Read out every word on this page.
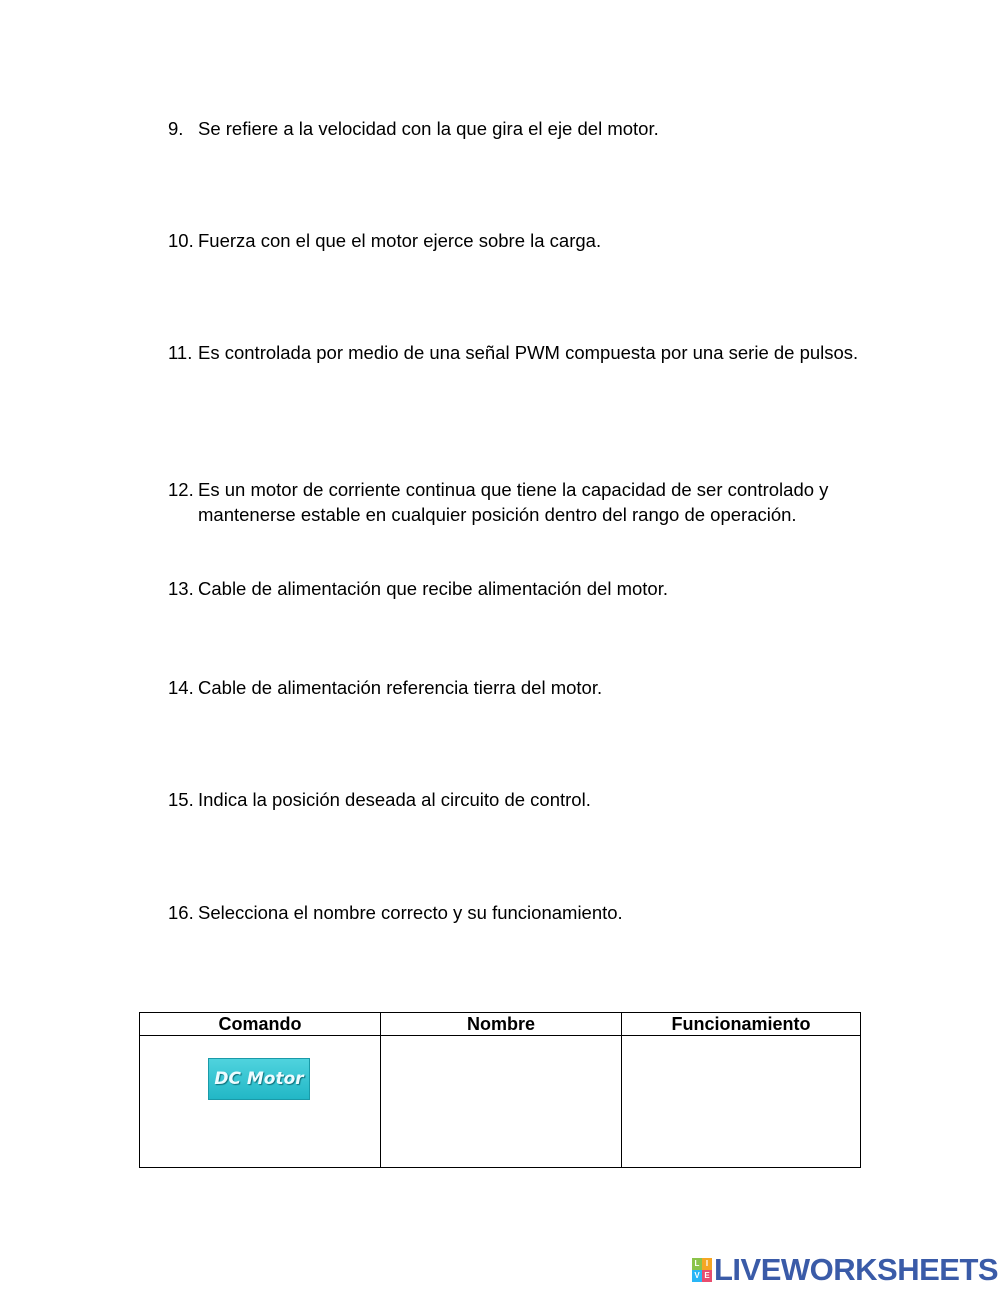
9. Se refiere a la velocidad con la que gira el eje del motor.
10. Fuerza con el que el motor ejerce sobre la carga.
11. Es controlada por medio de una señal PWM compuesta por una serie de pulsos.
12. Es un motor de corriente continua que tiene la capacidad de ser controlado y mantenerse estable en cualquier posición dentro del rango de operación.
13. Cable de alimentación que recibe alimentación del motor.
14. Cable de alimentación referencia tierra del motor.
15. Indica la posición deseada al circuito de control.
16. Selecciona el nombre correcto y su funcionamiento.
Comando	Nombre	Funcionamiento

DC Motor		

L I
V E LIVEWORKSHEETS
